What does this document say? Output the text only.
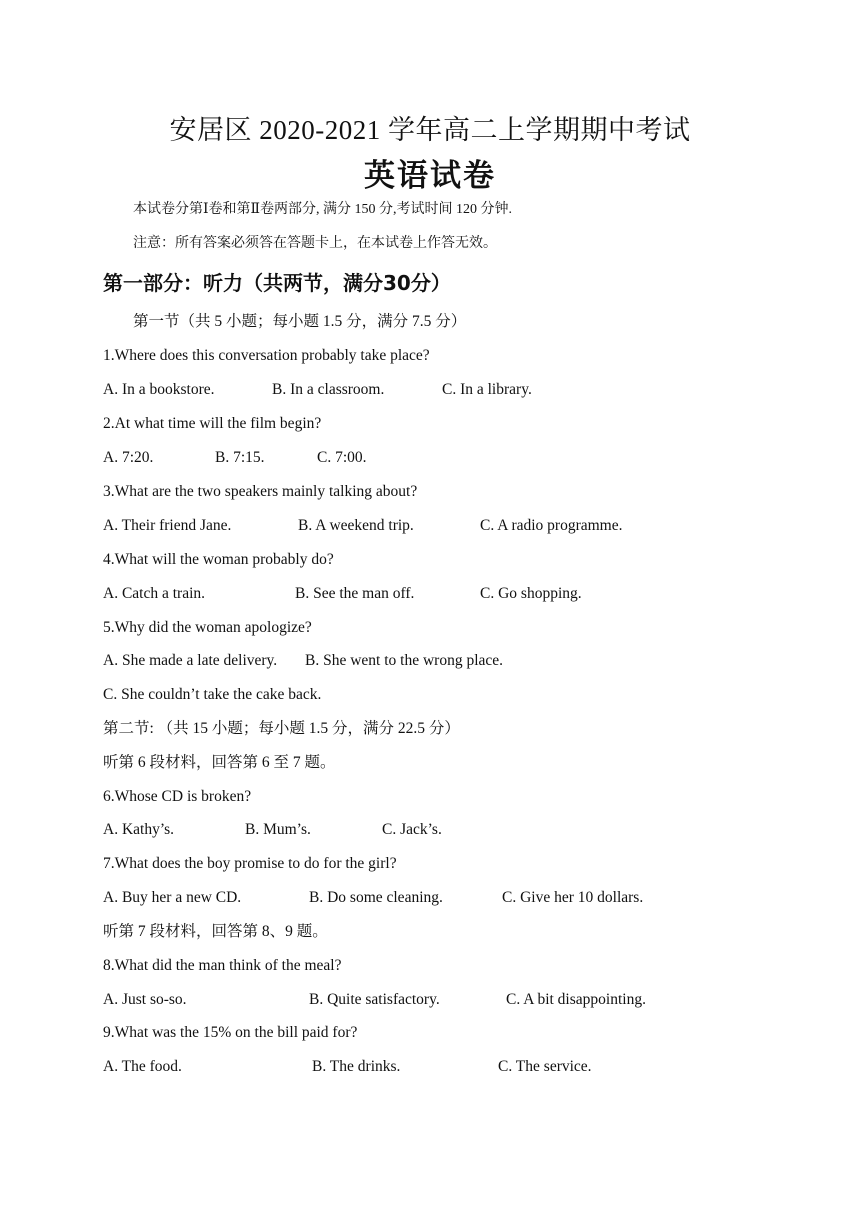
安居区 2020-2021 学年高二上学期期中考试
英语试卷
本试卷分第Ⅰ卷和第Ⅱ卷两部分, 满分 150 分,考试时间 120 分钟.
注意：所有答案必须答在答题卡上，在本试卷上作答无效。
第一部分：听力（共两节，满分30分）
第一节（共 5 小题；每小题 1.5 分，满分 7.5 分）
1.Where does this conversation probably take place?
A. In a bookstore.	B. In a classroom.	C. In a library.
2.At what time will the film begin?
A. 7:20.	B. 7:15.	C. 7:00.
3.What are the two speakers mainly talking about?
A. Their friend Jane.	B. A weekend trip.	C. A radio programme.
4.What will the woman probably do?
A. Catch a train.	B. See the man off.	C. Go shopping.
5.Why did the woman apologize?
A. She made a late delivery. B. She went to the wrong place.
C. She couldn’t take the cake back.
第二节: （共 15 小题；每小题 1.5 分，满分 22.5 分）
听第 6 段材料，回答第 6 至 7 题。
6.Whose CD is broken?
A. Kathy’s.	B. Mum’s.	C. Jack’s.
7.What does the boy promise to do for the girl?
A. Buy her a new CD.	B. Do some cleaning.	C. Give her 10 dollars.
听第 7 段材料，回答第 8、9 题。
8.What did the man think of the meal?
A. Just so-so.	B. Quite satisfactory.	C. A bit disappointing.
9.What was the 15% on the bill paid for?
A. The food.	B. The drinks.	C. The service.
